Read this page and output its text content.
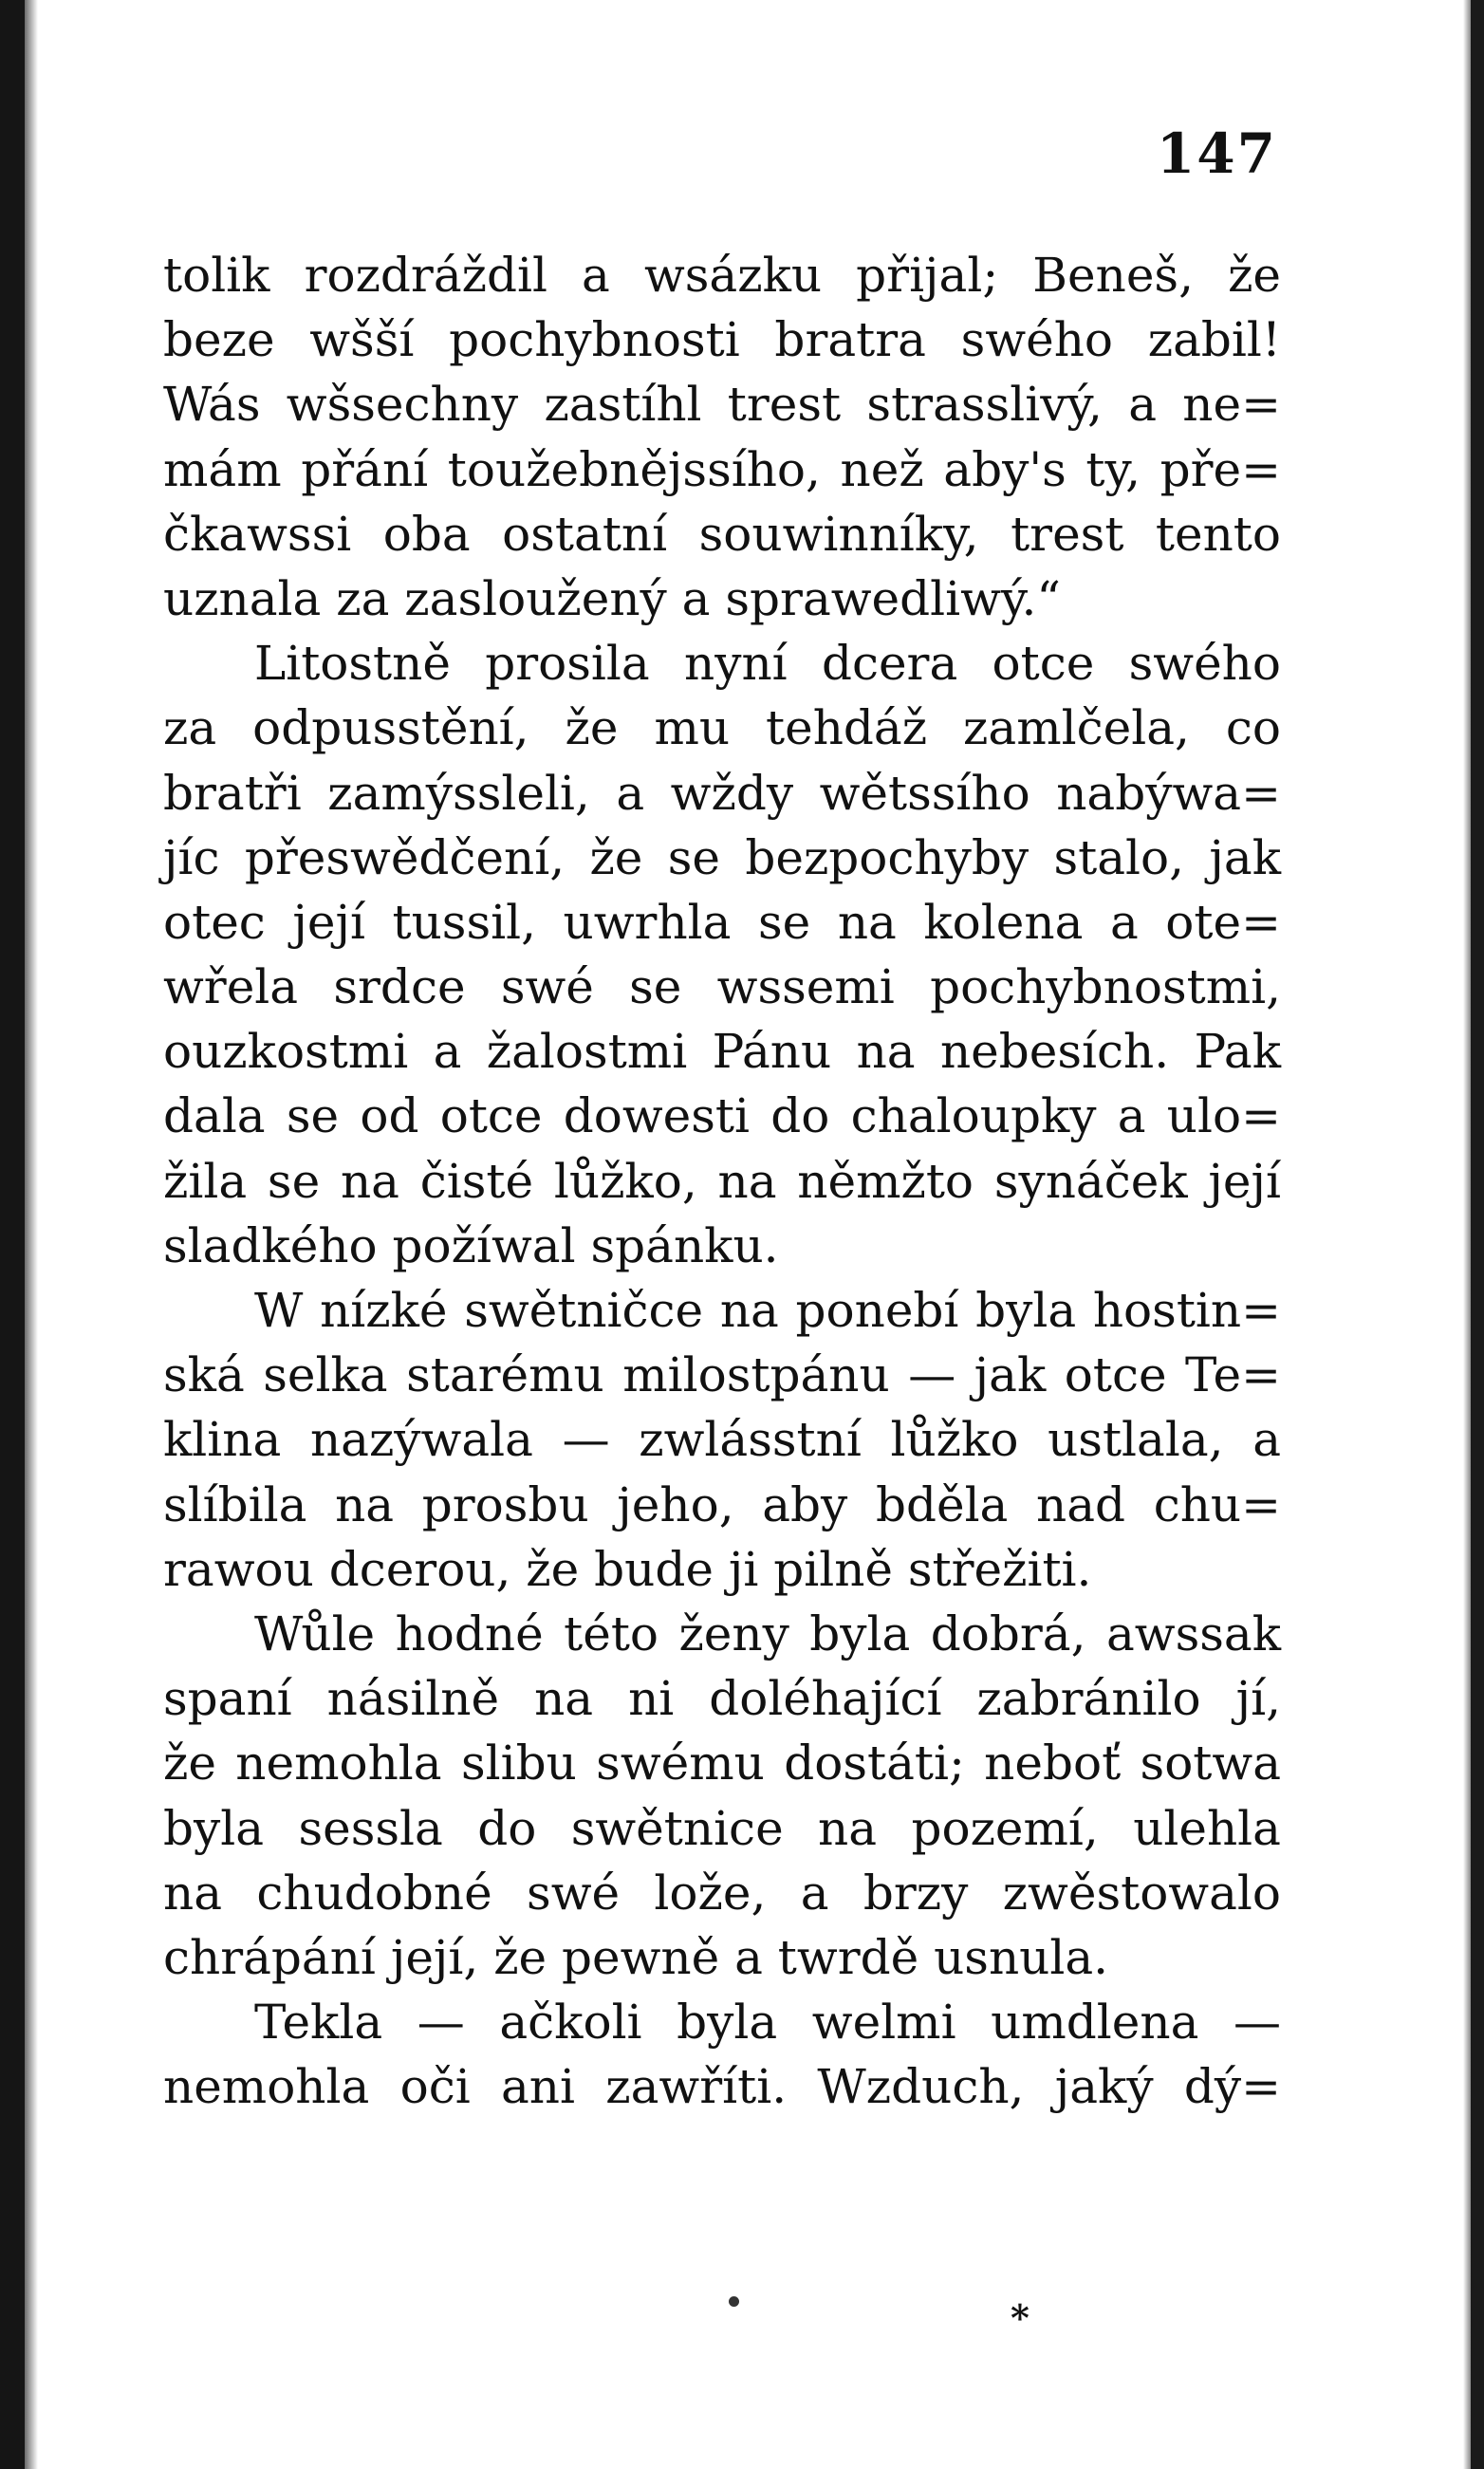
147
tolik rozdráždil a wsázku přijal; Beneš, že
beze wšší pochybnosti bratra swého zabil!
Wás wšsechny zastíhl trest strasslivý, a ne=
mám přání toužebnějssího, než aby's ty, pře=
čkawssi oba ostatní souwinníky, trest tento
uznala za zasloužený a sprawedliwý.“
Litostně prosila nyní dcera otce swého
za odpusstění, že mu tehdáž zamlčela, co
bratři zamýssleli, a wždy wětssího nabýwa=
jíc přeswědčení, že se bezpochyby stalo, jak
otec její tussil, uwrhla se na kolena a ote=
wřela srdce swé se wssemi pochybnostmi,
ouzkostmi a žalostmi Pánu na nebesích. Pak
dala se od otce dowesti do chaloupky a ulo=
žila se na čisté lůžko, na němžto synáček její
sladkého požíwal spánku.
W nízké swětničce na ponebí byla hostin=
ská selka starému milostpánu — jak otce Te=
klina nazýwala — zwlásstní lůžko ustlala, a
slíbila na prosbu jeho, aby bděla nad chu=
rawou dcerou, že bude ji pilně střežiti.
Wůle hodné této ženy byla dobrá, awssak
spaní násilně na ni doléhající zabránilo jí,
že nemohla slibu swému dostáti; neboť sotwa
byla sessla do swětnice na pozemí, ulehla
na chudobné swé lože, a brzy zwěstowalo
chrápání její, že pewně a twrdě usnula.
Tekla — ačkoli byla welmi umdlena —
nemohla oči ani zawříti. Wzduch, jaký dý=
*
